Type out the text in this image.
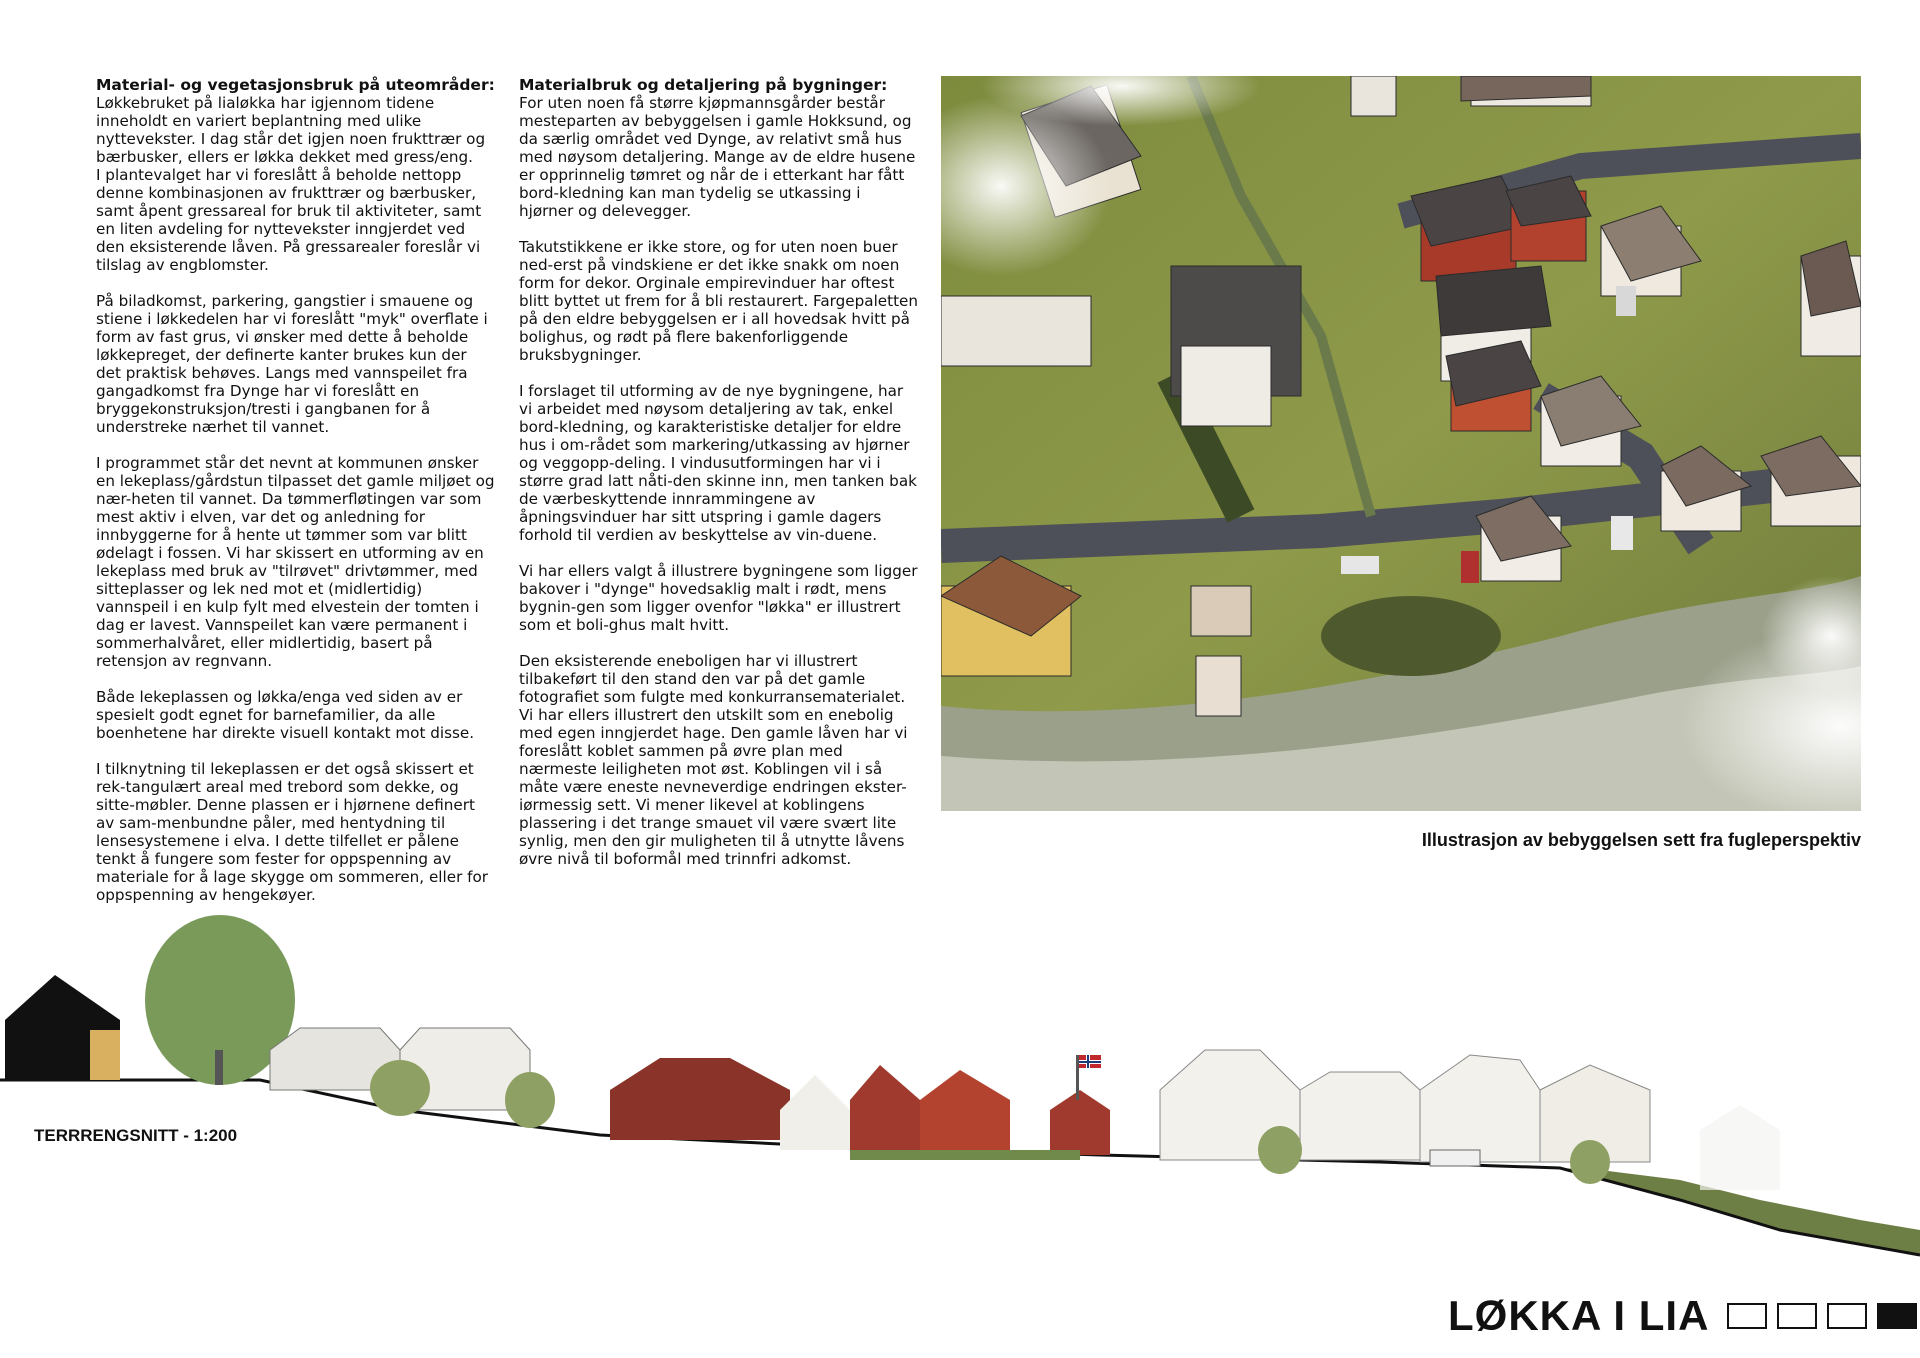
Material- og vegetasjonsbruk på uteområder:

Løkkebruket på lialøkka har igjennom tidene inneholdt en variert beplantning med ulike nyttevekster. I dag står det igjen noen frukttrær og bærbusker, ellers er løkka dekket med gress/eng.
I plantevalget har vi foreslått å beholde nettopp denne kombinasjonen av frukttrær og bærbusker, samt åpent gressareal for bruk til aktiviteter, samt en liten avdeling for nyttevekster inngjerdet ved den eksisterende låven. På gressarealer foreslår vi tilslag av engblomster.

På biladkomst, parkering, gangstier i smauene og stiene i løkkedelen har vi foreslått "myk" overflate i form av fast grus, vi ønsker med dette å beholde løkkepreget, der definerte kanter brukes kun der det praktisk behøves. Langs med vannspeilet fra gangadkomst fra Dynge har vi foreslått en bryggekonstruksjon/tresti i gangbanen for å understreke nærhet til vannet.

I programmet står det nevnt at kommunen ønsker en lekeplass/gårdstun tilpasset det gamle miljøet og nær-heten til vannet. Da tømmerfløtingen var som mest aktiv i elven, var det og anledning for innbyggerne for å hente ut tømmer som var blitt ødelagt i fossen. Vi har skissert en utforming av en lekeplass med bruk av "tilrøvet" drivtømmer, med sitteplasser og lek ned mot et (midlertidig) vannspeil i en kulp fylt med elvestein der tomten i dag er lavest. Vannspeilet kan være permanent i sommerhalvåret, eller midlertidig, basert på retensjon av regnvann.

Både lekeplassen og løkka/enga ved siden av er spesielt godt egnet for barnefamilier, da alle boenhetene har direkte visuell kontakt mot disse.

I tilknytning til lekeplassen er det også skissert et rek-tangulært areal med trebord som dekke, og sitte-møbler. Denne plassen er i hjørnene definert av sam-menbundne påler, med hentydning til lensesystemene i elva. I dette tilfellet er pålene tenkt å fungere som fester for oppspenning av materiale for å lage skygge om sommeren, eller for oppspenning av hengekøyer.

Materialbruk og detaljering på bygninger:

For uten noen få større kjøpmannsgårder består mesteparten av bebyggelsen i gamle Hokksund, og da særlig området ved Dynge, av relativt små hus med nøysom detaljering. Mange av de eldre husene er opprinnelig tømret og når de i etterkant har fått bord-kledning kan man tydelig se utkassing i hjørner og delevegger.

Takutstikkene er ikke store, og for uten noen buer ned-erst på vindskiene er det ikke snakk om noen form for dekor. Orginale empirevinduer har oftest blitt byttet ut frem for å bli restaurert. Fargepaletten på den eldre bebyggelsen er i all hovedsak hvitt på bolighus, og rødt på flere bakenforliggende bruksbygninger.

I forslaget til utforming av de nye bygningene, har vi arbeidet med nøysom detaljering av tak, enkel bord-kledning, og karakteristiske detaljer for eldre hus i om-rådet som markering/utkassing av hjørner og veggopp-deling. I vindusutformingen har vi i større grad latt nåti-den skinne inn, men tanken bak de værbeskyttende innrammingene av åpningsvinduer har sitt utspring i gamle dagers forhold til verdien av beskyttelse av vin-duene.

Vi har ellers valgt å illustrere bygningene som ligger bakover i "dynge" hovedsaklig malt i rødt, mens bygnin-gen som ligger ovenfor "løkka" er illustrert som et boli-ghus malt hvitt.

Den eksisterende eneboligen har vi illustrert tilbakeført til den stand den var på det gamle fotografiet som fulgte med konkurransematerialet. Vi har ellers illustrert den utskilt som en enebolig med egen inngjerdet hage. Den gamle låven har vi foreslått koblet sammen på øvre plan med nærmeste leiligheten mot øst. Koblingen vil i så måte være eneste nevneverdige endringen ekster-iørmessig sett. Vi mener likevel at koblingens plassering i det trange smauet vil være svært lite synlig, men den gir muligheten til å utnytte låvens øvre nivå til boformål med trinnfri adkomst.

Illustrasjon av bebyggelsen sett fra fugleperspektiv
TERRRENGSNITT - 1:200
LØKKA I LIA
